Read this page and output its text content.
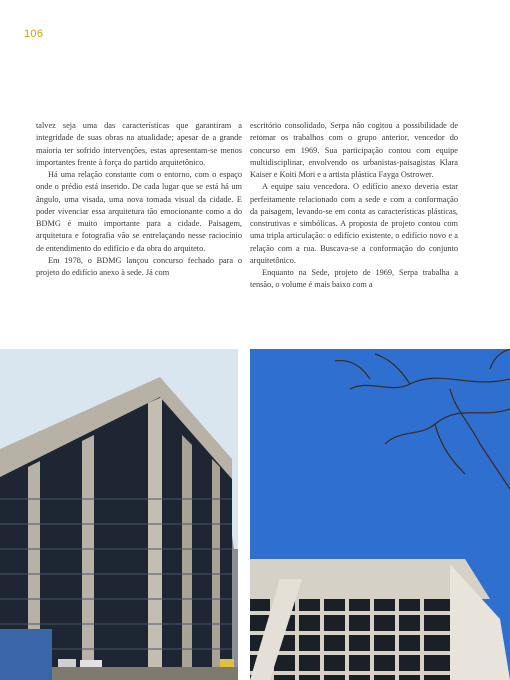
106

talvez seja uma das características que garantiram a integridade de suas obras na atualidade; apesar de a grande maioria ter sofrido intervenções, estas apresentam-se menos importantes frente à força do partido arquitetônico.

Há uma relação constante com o entorno, com o espaço onde o prédio está inserido. De cada lugar que se está há um ângulo, uma visada, uma nova tomada visual da cidade. E poder vivenciar essa arquitetura tão emocionante como a do BDMG é muito importante para a cidade. Paisagem, arquitetura e fotografia vão se entrelaçando nesse raciocínio de entendimento do edifício e da obra do arquiteto.

Em 1978, o BDMG lançou concurso fechado para o projeto do edifício anexo à sede. Já com

escritório consolidado, Serpa não cogitou a possibilidade de retomar os trabalhos com o grupo anterior, vencedor do concurso em 1969. Sua participação contou com equipe multidisciplinar, envolvendo os urbanistas-paisagistas Klara Kaiser e Koiti Mori e a artista plástica Fayga Ostrower.

A equipe saiu vencedora. O edifício anexo deveria estar perfeitamente relacionado com a sede e com a conformação da paisagem, levando-se em conta as características plásticas, construtivas e simbólicas. A proposta de projeto contou com uma tripla articulação: o edifício existente, o edifício novo e a relação com a rua. Buscava-se a conformação do conjunto arquitetônico.

Enquanto na Sede, projeto de 1969, Serpa trabalha a tensão, o volume é mais baixo com a
